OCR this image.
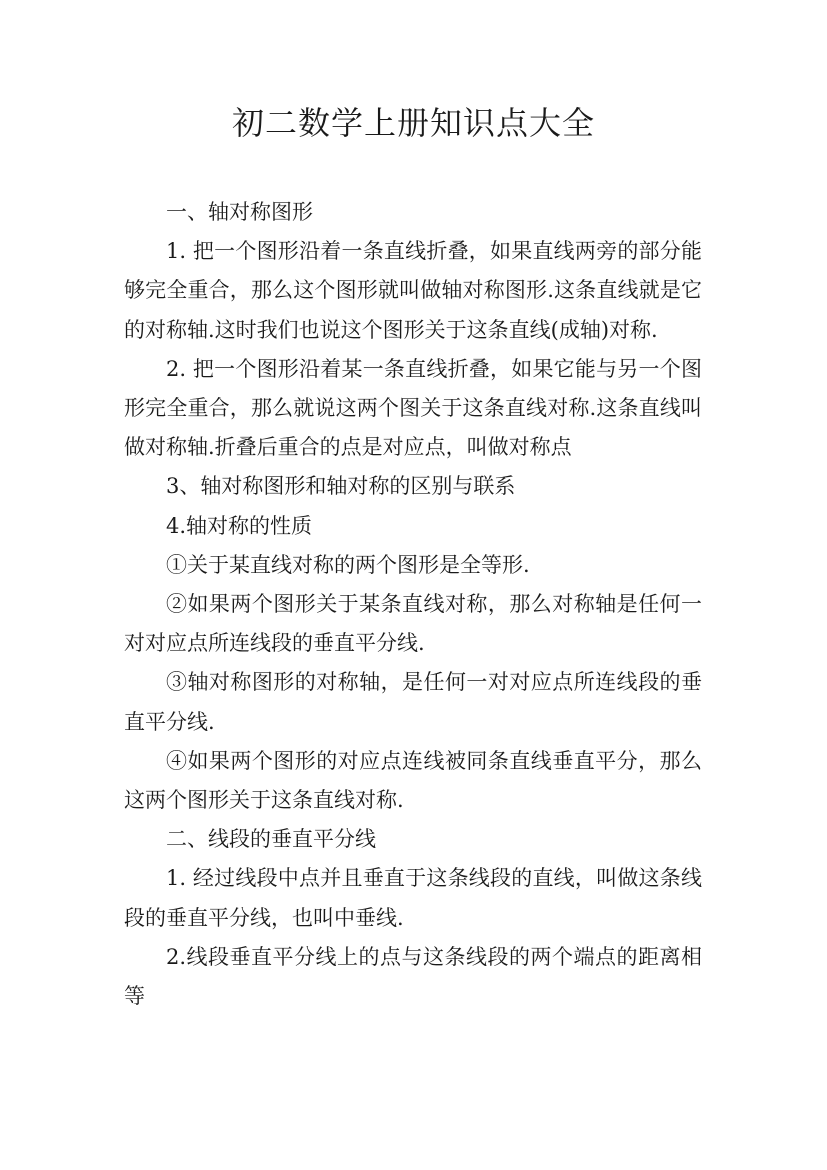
初二数学上册知识点大全

一、轴对称图形

1. 把一个图形沿着一条直线折叠，如果直线两旁的部分能够完全重合，那么这个图形就叫做轴对称图形.这条直线就是它的对称轴.这时我们也说这个图形关于这条直线(成轴)对称.

2. 把一个图形沿着某一条直线折叠，如果它能与另一个图形完全重合，那么就说这两个图关于这条直线对称.这条直线叫做对称轴.折叠后重合的点是对应点，叫做对称点

3、轴对称图形和轴对称的区别与联系

4.轴对称的性质

①关于某直线对称的两个图形是全等形.

②如果两个图形关于某条直线对称，那么对称轴是任何一对对应点所连线段的垂直平分线.

③轴对称图形的对称轴，是任何一对对应点所连线段的垂直平分线.

④如果两个图形的对应点连线被同条直线垂直平分，那么这两个图形关于这条直线对称.

二、线段的垂直平分线

1. 经过线段中点并且垂直于这条线段的直线，叫做这条线段的垂直平分线，也叫中垂线.

2.线段垂直平分线上的点与这条线段的两个端点的距离相等
